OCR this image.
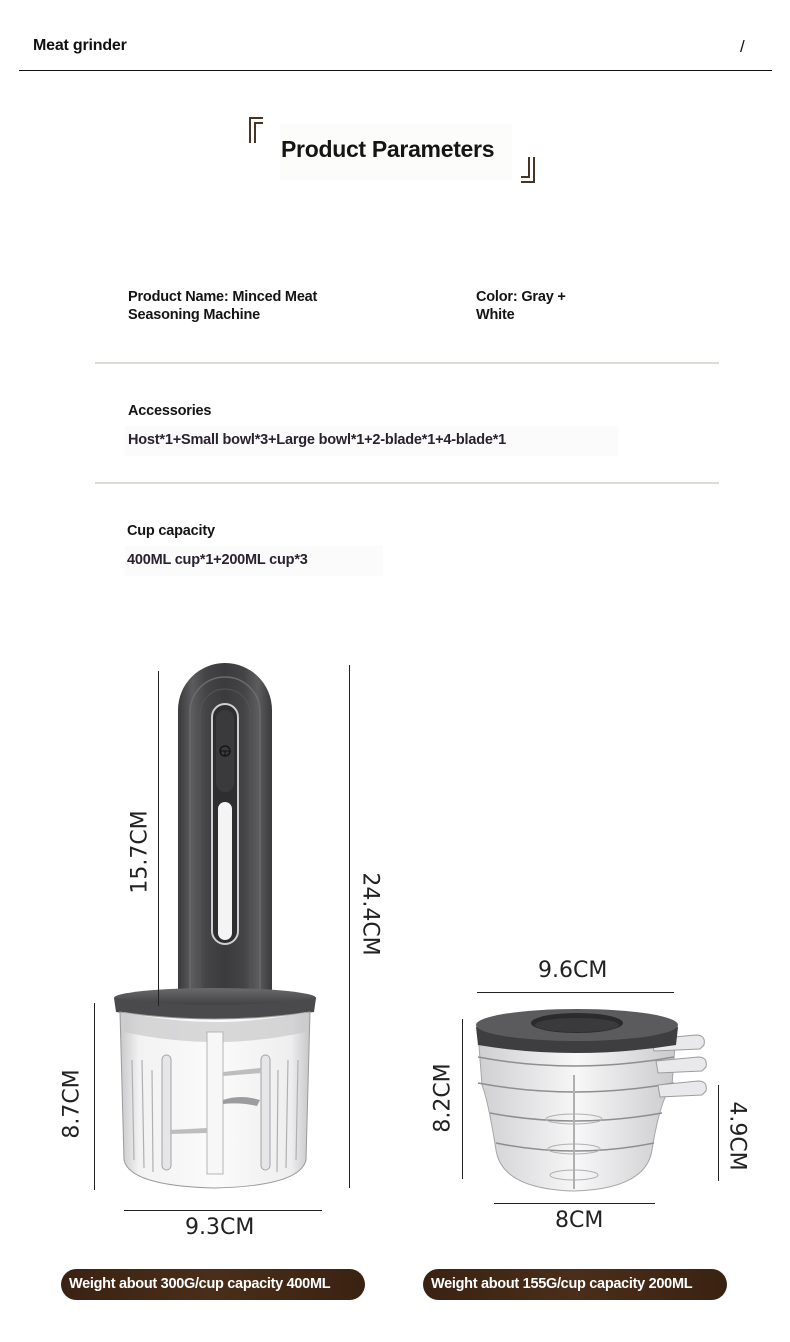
Meat grinder	/
Product Parameters
Product Name: Minced Meat Seasoning Machine
Color: Gray + White
Accessories
Host*1+Small bowl*3+Large bowl*1+2-blade*1+4-blade*1
Cup capacity
400ML cup*1+200ML cup*3
15.7CM
24.4CM
8.7CM
9.3CM
9.6CM
8.2CM
4.9CM
8CM
Weight about 300G/cup capacity 400ML	Weight about 155G/cup capacity 200ML
